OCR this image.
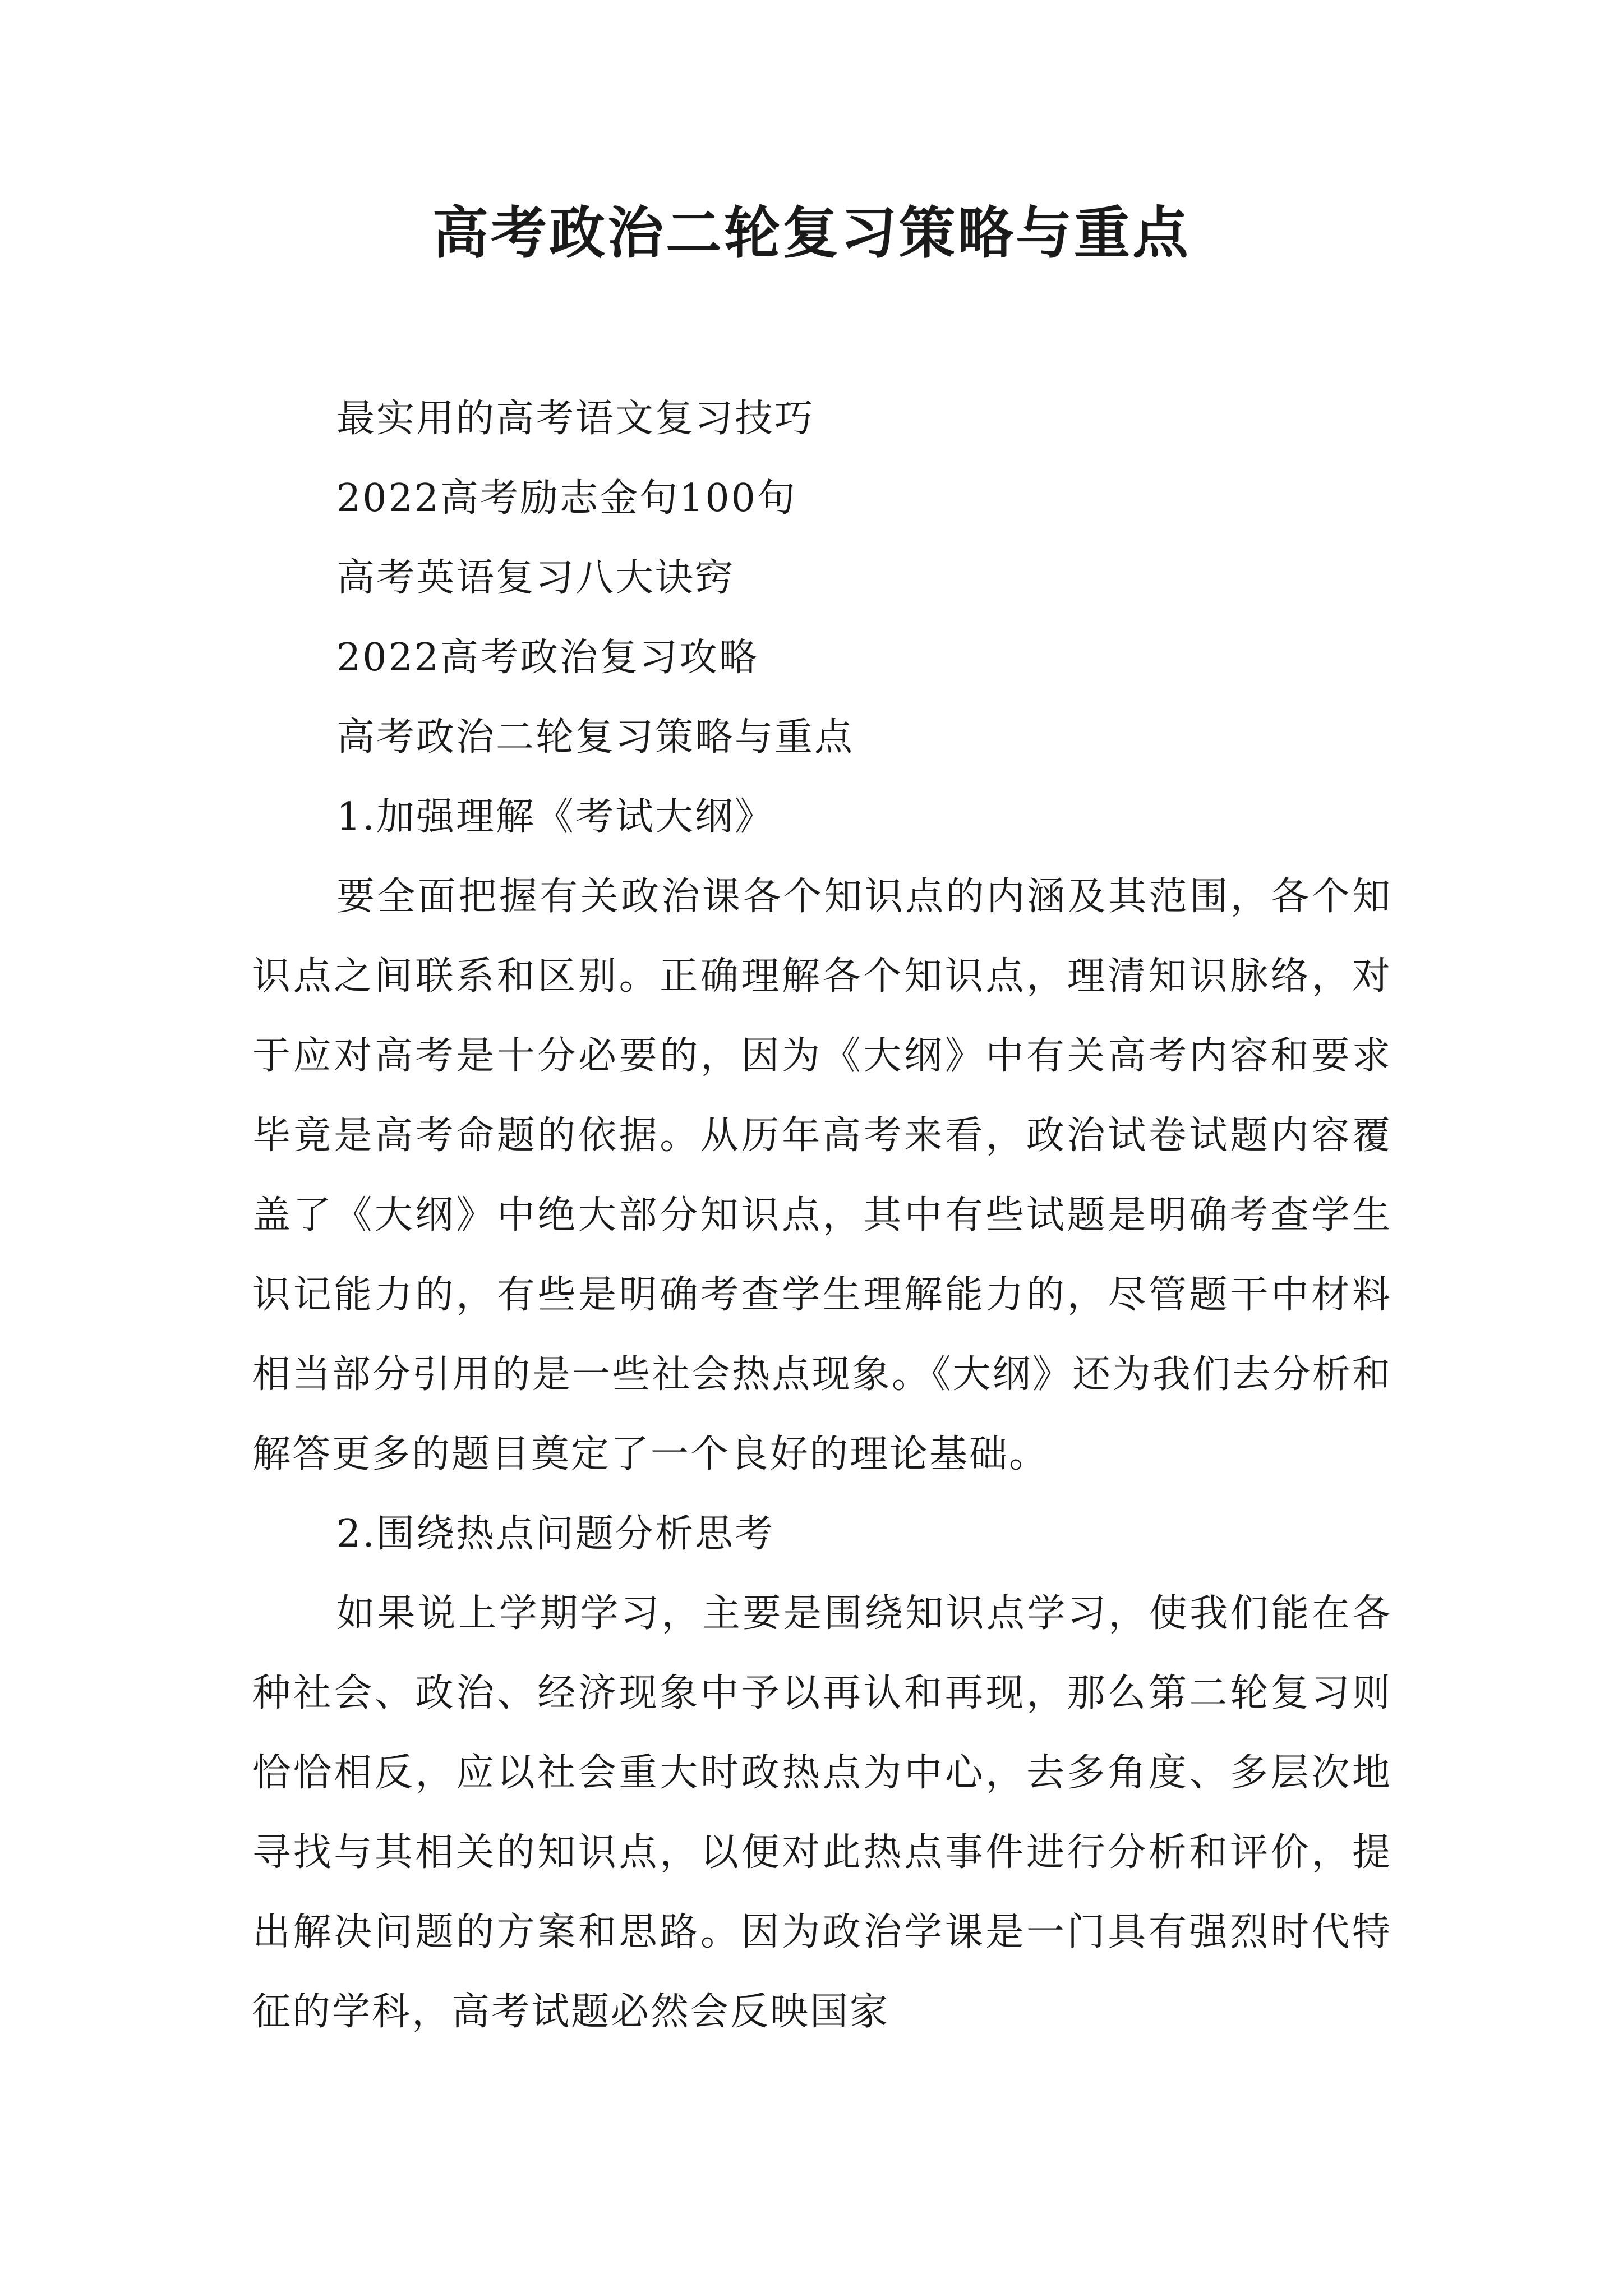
高考政治二轮复习策略与重点
最实用的高考语文复习技巧
2022高考励志金句100句
高考英语复习八大诀窍
2022高考政治复习攻略
高考政治二轮复习策略与重点
1.加强理解《考试大纲》

要全面把握有关政治课各个知识点的内涵及其范围，各个知识点之间联系和区别。正确理解各个知识点，理清知识脉络，对于应对高考是十分必要的，因为《大纲》中有关高考内容和要求毕竟是高考命题的依据。从历年高考来看，政治试卷试题内容覆盖了《大纲》中绝大部分知识点，其中有些试题是明确考查学生识记能力的，有些是明确考查学生理解能力的，尽管题干中材料相当部分引用的是一些社会热点现象。《大纲》还为我们去分析和解答更多的题目奠定了一个良好的理论基础。

2.围绕热点问题分析思考

如果说上学期学习，主要是围绕知识点学习，使我们能在各种社会、政治、经济现象中予以再认和再现，那么第二轮复习则恰恰相反，应以社会重大时政热点为中心，去多角度、多层次地寻找与其相关的知识点，以便对此热点事件进行分析和评价，提出解决问题的方案和思路。因为政治学课是一门具有强烈时代特征的学科，高考试题必然会反映国家
